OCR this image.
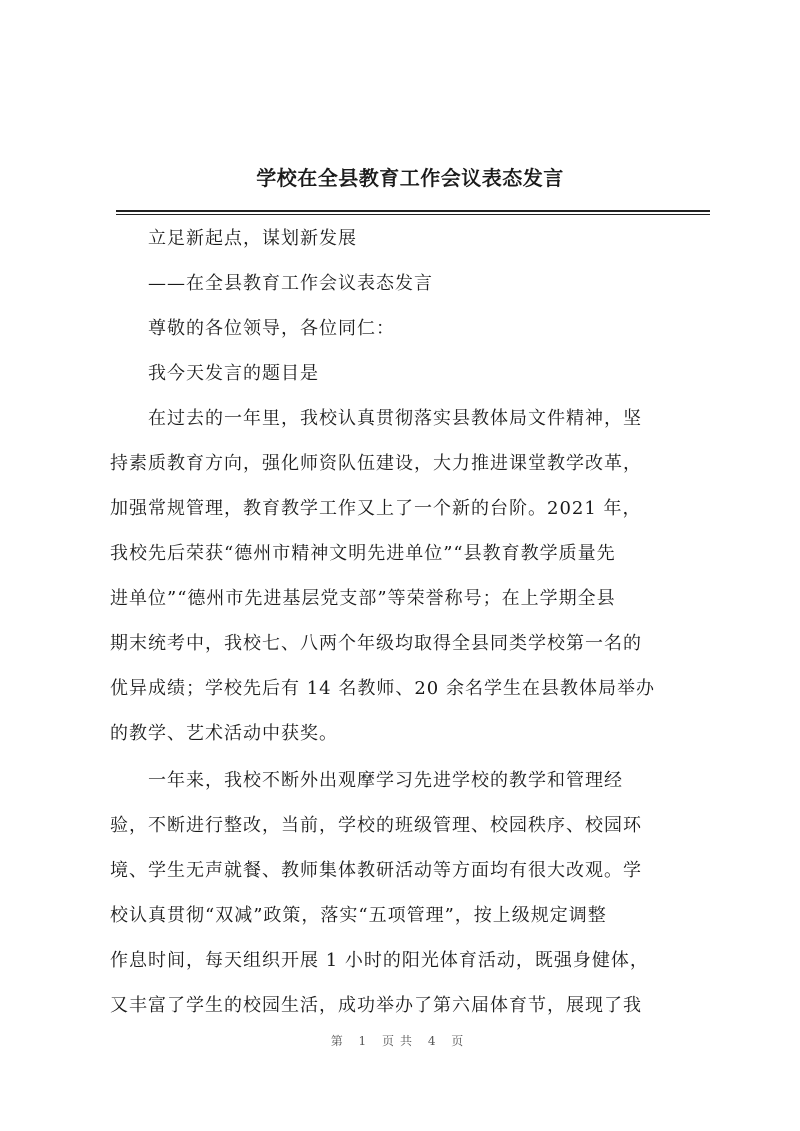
学校在全县教育工作会议表态发言
立足新起点，谋划新发展
——在全县教育工作会议表态发言
尊敬的各位领导，各位同仁：
我今天发言的题目是
在过去的一年里，我校认真贯彻落实县教体局文件精神，坚
持素质教育方向，强化师资队伍建设，大力推进课堂教学改革，
加强常规管理，教育教学工作又上了一个新的台阶。2021 年，
我校先后荣获“德州市精神文明先进单位”“县教育教学质量先
进单位”“德州市先进基层党支部”等荣誉称号；在上学期全县
期末统考中，我校七、八两个年级均取得全县同类学校第一名的
优异成绩；学校先后有 14 名教师、20 余名学生在县教体局举办
的教学、艺术活动中获奖。
一年来，我校不断外出观摩学习先进学校的教学和管理经
验，不断进行整改，当前，学校的班级管理、校园秩序、校园环
境、学生无声就餐、教师集体教研活动等方面均有很大改观。学
校认真贯彻“双减”政策，落实“五项管理”，按上级规定调整
作息时间，每天组织开展 1 小时的阳光体育活动，既强身健体，
又丰富了学生的校园生活，成功举办了第六届体育节，展现了我
第 1 页共 4 页
